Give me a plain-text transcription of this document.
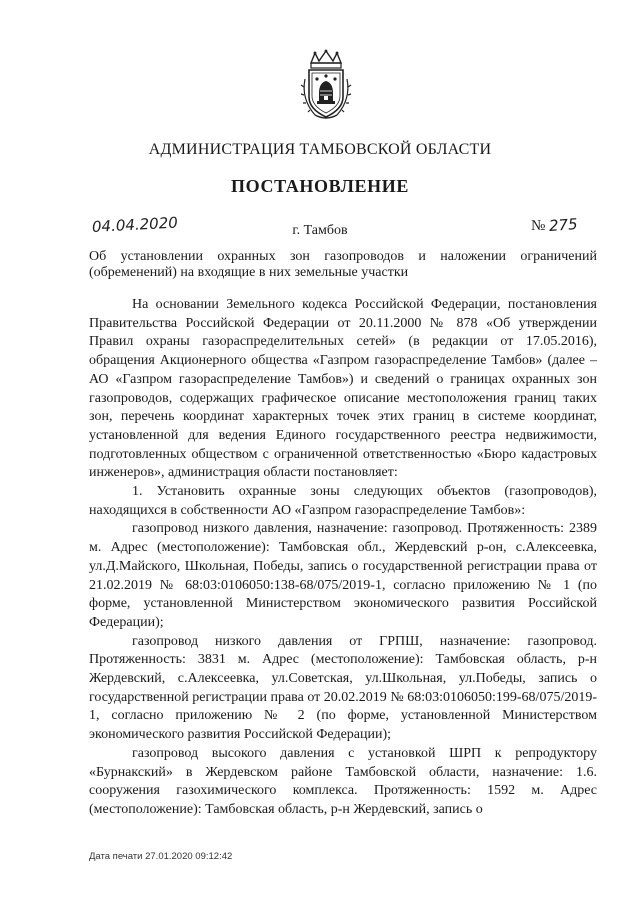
АДМИНИСТРАЦИЯ ТАМБОВСКОЙ ОБЛАСТИ
ПОСТАНОВЛЕНИЕ
04.04.2020	г. Тамбов	№ 275
Об установлении охранных зон газопроводов и наложении ограничений (обременений) на входящие в них земельные участки

На основании Земельного кодекса Российской Федерации, постановления Правительства Российской Федерации от 20.11.2000 № 878 «Об утверждении Правил охраны газораспределительных сетей» (в редакции от 17.05.2016), обращения Акционерного общества «Газпром газораспределение Тамбов» (далее – АО «Газпром газораспределение Тамбов») и сведений о границах охранных зон газопроводов, содержащих графическое описание местоположения границ таких зон, перечень координат характерных точек этих границ в системе координат, установленной для ведения Единого государственного реестра недвижимости, подготовленных обществом с ограниченной ответственностью «Бюро кадастровых инженеров», администрация области постановляет:

1. Установить охранные зоны следующих объектов (газопроводов), находящихся в собственности АО «Газпром газораспределение Тамбов»:

газопровод низкого давления, назначение: газопровод. Протяженность: 2389 м. Адрес (местоположение): Тамбовская обл., Жердевский р-он, с.Алексеевка, ул.Д.Майского, Школьная, Победы, запись о государственной регистрации права от 21.02.2019 № 68:03:0106050:138-68/075/2019-1, согласно приложению № 1 (по форме, установленной Министерством экономического развития Российской Федерации);

газопровод низкого давления от ГРПШ, назначение: газопровод. Протяженность: 3831 м. Адрес (местоположение): Тамбовская область, р-н Жердевский, с.Алексеевка, ул.Советская, ул.Школьная, ул.Победы, запись о государственной регистрации права от 20.02.2019 № 68:03:0106050:199-68/075/2019-1, согласно приложению № 2 (по форме, установленной Министерством экономического развития Российской Федерации);

газопровод высокого давления с установкой ШРП к репродуктору «Бурнакский» в Жердевском районе Тамбовской области, назначение: 1.6. сооружения газохимического комплекса. Протяженность: 1592 м. Адрес (местоположение): Тамбовская область, р-н Жердевский, запись о

Дата печати 27.01.2020 09:12:42
